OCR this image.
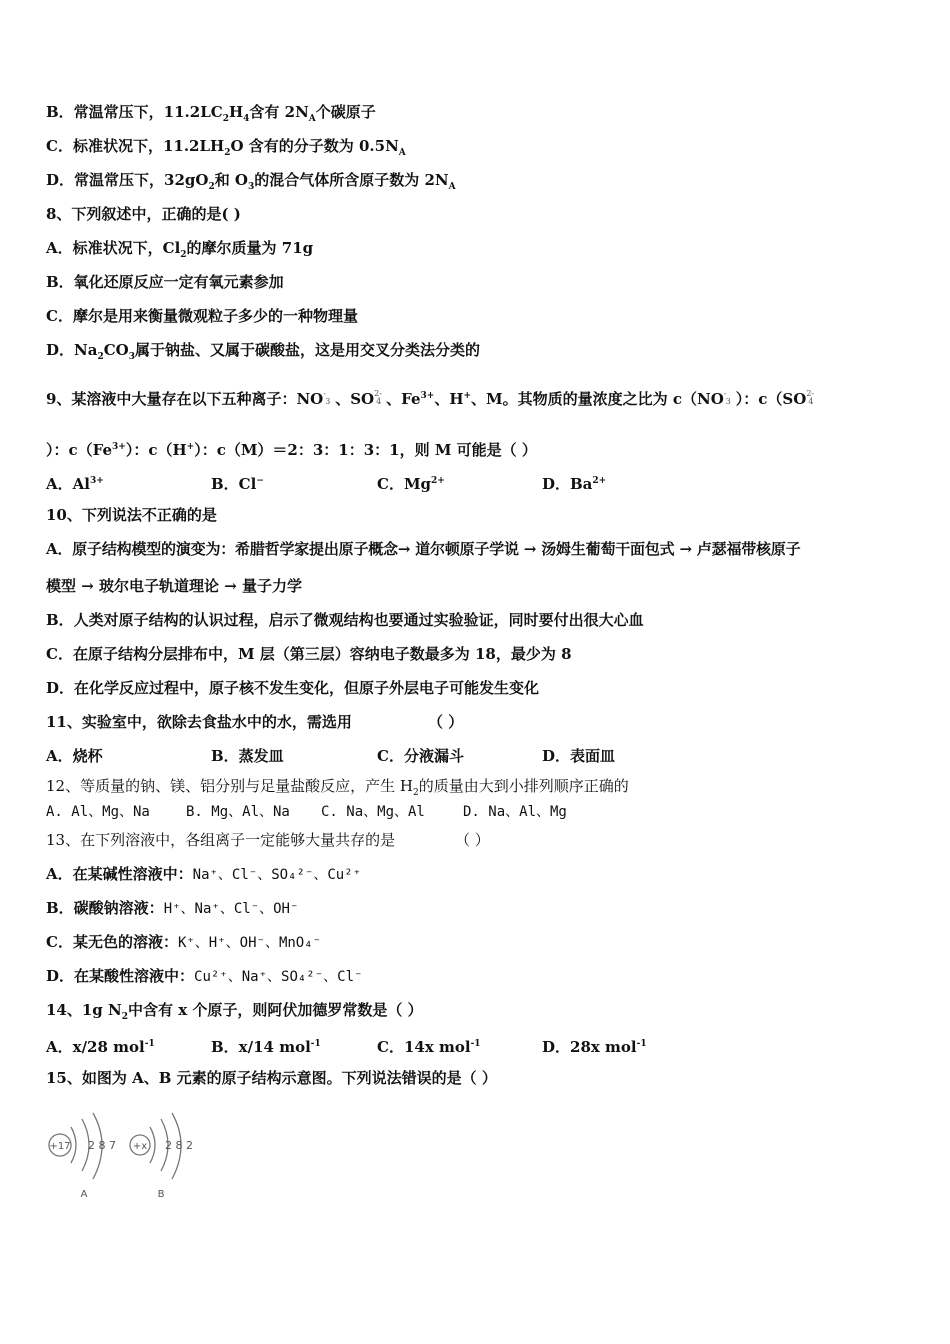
B．常温常压下，$11.2LC_2H_4$含有 $2N_A$个碳原子
C．标准状况下，$11.2LH_2O$ 含有的分子数为 $0.5N_A$
D．常温常压下，$32gO_2$和 $O_3$的混合气体所含原子数为 $2N_A$
8、下列叙述中，正确的是( )
A．标准状况下，$Cl_2$的摩尔质量为 71g
B．氧化还原反应一定有氧元素参加
C．摩尔是用来衡量微观粒子多少的一种物理量
D．$Na_2CO_3$属于钠盐、又属于碳酸盐，这是用交叉分类法分类的
9、某溶液中大量存在以下五种离子：NO -
3 、SO 2-
4 、$Fe^{3+}$、H+、M。其物质的量浓度之比为 c（NO -
3 ）：c（SO 2-
4
）：$c(Fe^{3+})$：c（H+）：c（M）＝2：3：1：3：1，则 M 可能是（ ）
A．$Al^{3+}$	B．Cl−	C．$Mg^{2+}$	D．$Ba^{2+}$
10、下列说法不正确的是
A．原子结构模型的演变为：希腊哲学家提出原子概念→ 道尔顿原子学说 → 汤姆生葡萄干面包式 → 卢瑟福带核原子
模型 → 玻尔电子轨道理论 → 量子力学
B．人类对原子结构的认识过程，启示了微观结构也要通过实验验证，同时要付出很大心血
C．在原子结构分层排布中，M 层（第三层）容纳电子数最多为 18，最少为 8
D．在化学反应过程中，原子核不发生变化，但原子外层电子可能发生变化
11、实验室中，欲除去食盐水中的水，需选用	（ ）
A．烧杯	B．蒸发皿	C．分液漏斗	D．表面皿
12、等质量的钠、镁、铝分别与足量盐酸反应，产生 $H_2$的质量由大到小排列顺序正确的
A. Al、Mg、Na	B. Mg、Al、Na C. Na、Mg、Al	D. Na、Al、Mg
13、在下列溶液中，各组离子一定能够大量共存的是	（ ）
A．在某碱性溶液中：Na⁺、Cl⁻、SO₄²⁻、Cu²⁺
B．碳酸钠溶液：H⁺、Na⁺、Cl⁻、OH⁻
C．某无色的溶液：K⁺、H⁺、OH⁻、MnO₄⁻
D．在某酸性溶液中：Cu²⁺、Na⁺、SO₄²⁻、Cl⁻
14、1g $N_2$中含有 x 个原子，则阿伏加德罗常数是（ ）
A．x/28 mol$^{-1}$	B．x/14 mol$^{-1}$	C．14x mol$^{-1}$	D．28x mol$^{-1}$
15、如图为 A、B 元素的原子结构示意图。下列说法错误的是（ ）
+17 2 8 7
A
+x 2 8 2
B
